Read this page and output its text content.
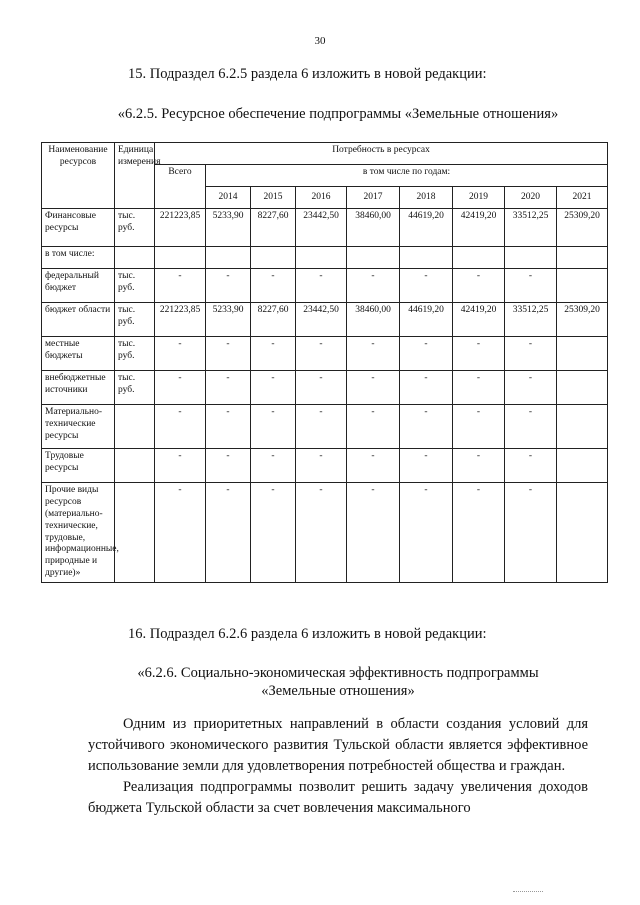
30
15. Подраздел 6.2.5 раздела 6 изложить в новой редакции:
«6.2.5. Ресурсное обеспечение подпрограммы «Земельные отношения»
Наименование ресурсов	Единица измерения	Потребность в ресурсах								
		Всего	в том числе по годам:							
			2014	2015	2016	2017	2018	2019	2020	2021
Финансовые ресурсы	тыс. руб.	221223,85	5233,90	8227,60	23442,50	38460,00	44619,20	42419,20	33512,25	25309,20
в том числе:										
федеральный бюджет	тыс. руб.	-	-	-	-	-	-	-	-	
бюджет области	тыс. руб.	221223,85	5233,90	8227,60	23442,50	38460,00	44619,20	42419,20	33512,25	25309,20
местные бюджеты	тыс. руб.	-	-	-	-	-	-	-	-	
внебюджетные источники	тыс. руб.	-	-	-	-	-	-	-	-	
Материально-технические ресурсы		-	-	-	-	-	-	-	-	
Трудовые ресурсы		-	-	-	-	-	-	-	-	
Прочие виды ресурсов (материально-технические, трудовые, информационные, природные и другие)»		-	-	-	-	-	-	-	-	
16. Подраздел 6.2.6 раздела 6 изложить в новой редакции:
«6.2.6. Социально-экономическая эффективность подпрограммы
«Земельные отношения»

Одним из приоритетных направлений в области создания условий для устойчивого экономического развития Тульской области является эффективное использование земли для удовлетворения потребностей общества и граждан.

Реализация подпрограммы позволит решить задачу увеличения доходов бюджета Тульской области за счет вовлечения максимального
